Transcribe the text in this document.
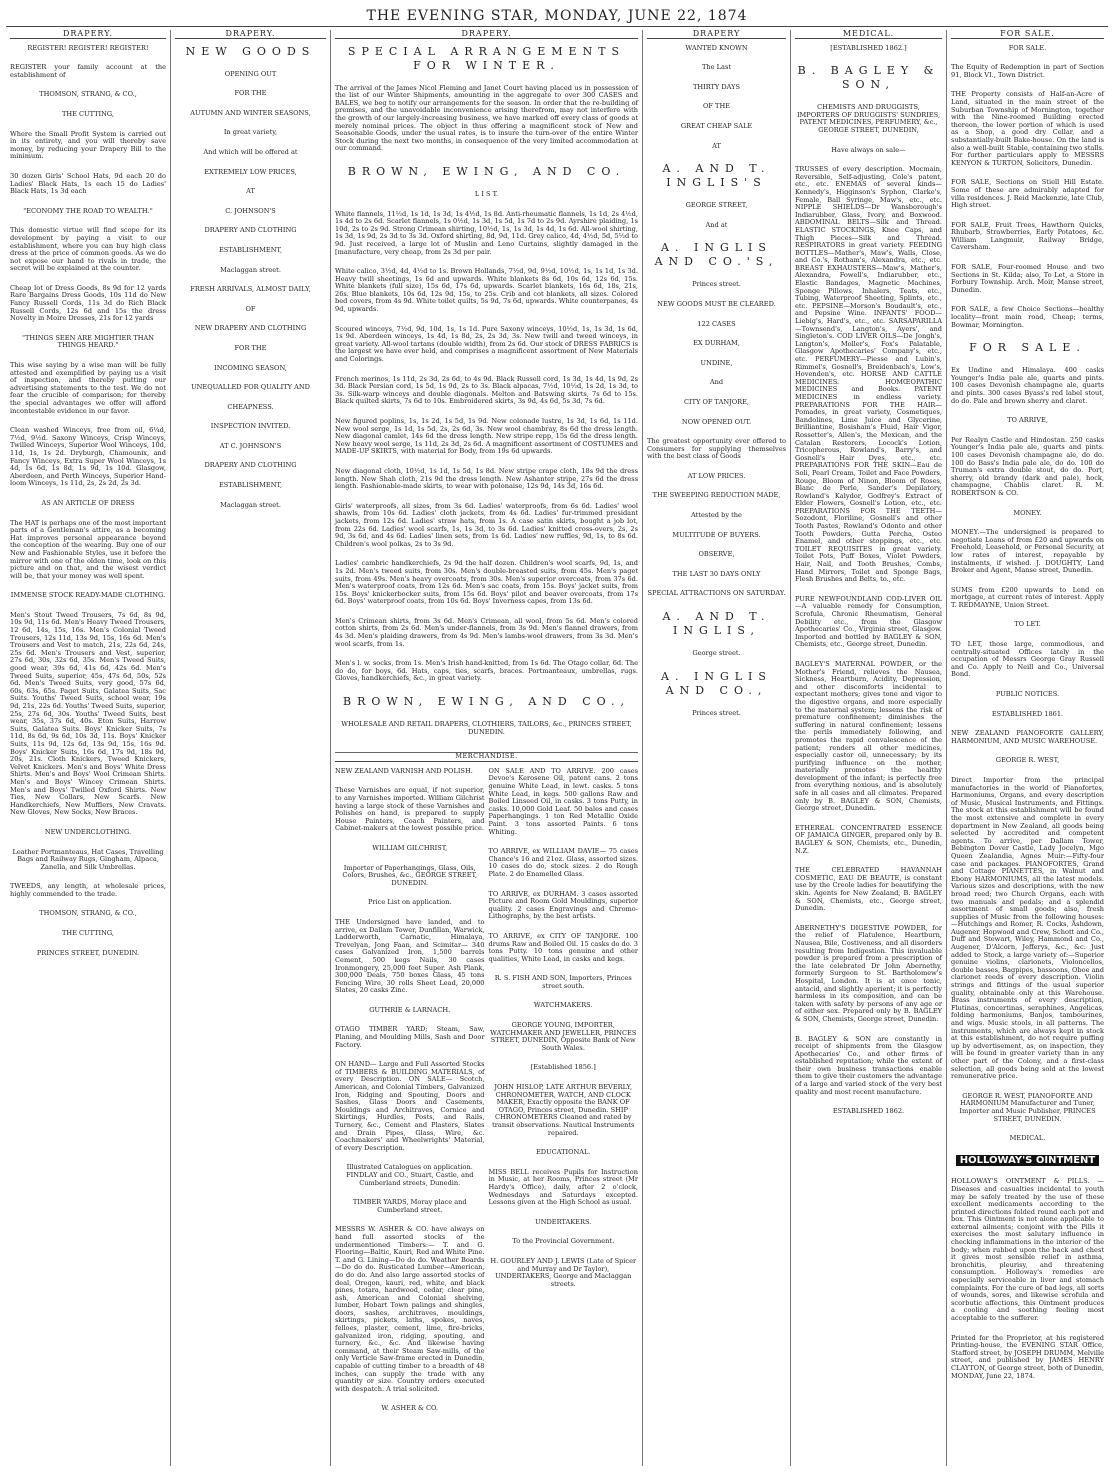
THE EVENING STAR, MONDAY, JUNE 22, 1874
DRAPERY.

REGISTER! REGISTER! REGISTER!

REGISTER your family account at the establishment of

THOMSON, STRANG, & CO.,

THE CUTTING,

Where the Small Profit System is carried out in its entirety, and you will thereby save money, by reducing your Drapery Bill to the minimum.

30 dozen Girls' School Hats, 9d each 20 do Ladies' Black Hats, 1s each 15 do Ladies' Black Hats, 1s 3d each

"ECONOMY THE ROAD TO WEALTH."

This domestic virtue will find scope for its development by paying a visit to our establishment, where you can buy high class dress at the price of common goods. As we do not expose our hand to rivals in trade, the secret will be explained at the counter.

Cheap lot of Dress Goods, 8s 9d for 12 yards Rare Bargains Dress Goods, 10s 11d do New Fancy Russell Cords, 11s 3d do Rich Black Russell Cords, 12s 6d and 15s the dress Novelty in Moire Dresses, 21s for 12 yards

"THINGS SEEN ARE MIGHTIER THAN THINGS HEARD."

This wise saying by a wise man will be fully attested and exemplified by paying us a visit of inspection, and thereby putting our advertising statements to the test. We do not fear the crucible of comparison; for thereby the special advantages we offer will afford incontestable evidence in our favor.

Clean washed Winceys, free from oil, 6¼d, 7½d, 9½d. Saxony Winceys, Crisp Winceys, Twilled Winceys, Superior Wool Winceys, 10d, 11d, 1s, 1s 2d. Dryburgh, Chamounix, and Fancy Winceys, Extra Super Wool Winceys, 1s 4d, 1s 6d, 1s 8d, 1s 9d, 1s 10d. Glasgow, Aberdeen, and Perth Winceys, Superior Hand-loom Winceys, 1s 11d, 2s, 2s 2d, 2s 3d.

AS AN ARTICLE OF DRESS

The HAT is perhaps one of the most important parts of a Gentleman's attire, as a becoming Hat improves personal appearance beyond the conception of the wearing. Buy one of our New and Fashionable Styles, use it before the mirror with one of the olden time, look on this picture and on that, and the wisest verdict will be, that your money was well spent.

IMMENSE STOCK READY-MADE CLOTHING.

Men's Stout Tweed Trousers, 7s 6d, 8s 9d, 10s 9d, 11s 6d. Men's Heavy Tweed Trousers, 12 6d, 14s, 15s, 16s. Men's Colonial Tweed Trousers, 12s 11d, 13s 9d, 15s, 16s 6d. Men's Trousers and Vest to match, 21s, 22s 6d, 24s, 25s 6d. Men's Trousers and Vest, superior, 27s 6d, 30s, 32s 6d, 35s. Men's Tweed Suits, good wear, 39s 6d, 41s 6d, 42s 6d. Men's Tweed Suits, superior, 45s, 47s 6d, 50s, 52s 6d. Men's Tweed Suits, very good, 57s 6d, 60s, 63s, 65s. Paget Suits, Galatea Suits, Sac Suits. Youths' Tweed Suits, school wear, 19s 9d, 21s, 22s 6d. Youths' Tweed Suits, superior, 25s, 27s 6d, 30s. Youths' Tweed Suits, best wear, 35s, 37s 6d, 40s. Eton Suits, Harrow Suits, Galatea Suits. Boys' Knicker Suits, 7s 11d, 8s 6d, 9s 6d, 10s 3d, 11s. Boys' Knicker Suits, 11s 9d, 12s 6d, 13s 9d, 15s, 16s 9d. Boys' Knicker Suits, 16s 6d, 17s 9d, 18s 9d, 20s, 21s. Cloth Knickers, Tweed Knickers, Velvet Knickers. Men's and Boys' White Dress Shirts. Men's and Boys' Wool Crimean Shirts. Men's and Boys' Wincey Crimean Shirts. Men's and Boys' Twilled Oxford Shirts. New Ties, New Collars, New Scarfs. New Handkerchiefs, New Mufflers, New Cravats. New Gloves, New Socks, New Braces.

NEW UNDERCLOTHING.

Leather Portmanteaus, Hat Cases, Travelling Bags and Railway Rugs, Gingham, Alpaca, Zanella, and Silk Umbrellas.

TWEEDS, any length, at wholesale prices, highly commended to the trade.

THOMSON, STRANG, & CO.,

THE CUTTING,

PRINCES STREET, DUNEDIN.

DRAPERY.

NEW GOODS

OPENING OUT

FOR THE

AUTUMN AND WINTER SEASONS,

In great variety,

And which will be offered at

EXTREMELY LOW PRICES,

AT

C. JOHNSON'S

DRAPERY AND CLOTHING

ESTABLISHMENT,

Maclaggan street.

FRESH ARRIVALS, ALMOST DAILY,

OF

NEW DRAPERY AND CLOTHING

FOR THE

INCOMING SEASON,

UNEQUALLED FOR QUALITY AND

CHEAPNESS.

INSPECTION INVITED.

AT C. JOHNSON'S

DRAPERY AND CLOTHING

ESTABLISHMENT,

Maclaggan street.

DRAPERY.

SPECIAL ARRANGEMENTS FOR WINTER.

The arrival of the James Nicol Fleming and Janet Court having placed us in possession of the list of our Winter Shipments, amounting in the aggregate to over 300 CASES and BALES, we beg to notify our arrangements for the season. In order that the re-building of premises, and the unavoidable inconvenience arising therefrom, may not interfere with the growth of our largely-increasing business, we have marked off every class of goods at merely nominal prices. The object in thus offering a magnificent stock of New and Seasonable Goods, under the usual rates, is to insure the turn-over of the entire Winter Stock during the next two months, in consequence of the very limited accommodation at our command.

BROWN, EWING, AND CO.

L I S T.

White flannels, 11½d, 1s 1d, 1s 3d, 1s 4½d, 1s 8d. Anti-rheumatic flannels, 1s 1d, 2s 4½d, 1s 4d to 2s 6d. Scarlet flannels, 1s 0½d, 1s 3d, 1s 5d, 1s 7d to 2s 9d. Ayrshire plaiding, 1s 10d, 2s to 2s 9d. Strong Crimean shirting, 10½d, 1s, 1s 3d, 1s 4d, 1s 6d. All-wool shirting, 1s 3d, 1s 9d, 2s 3d to 3s 3d. Oxford shirting, 8d, 9d, 11d. Grey calico, 4d, 4½d, 5d, 5½d to 9d. Just received, a large lot of Muslin and Leno Curtains, slightly damaged in the [manufacture, very cheap, from 2s 3d per pair.

White calico, 3½d, 4d, 4½d to 1s. Brown Hollands, 7½d, 9d, 9½d, 10½d, 1s, 1s 1d, 1s 3d. Heavy twill sheetings, 1s 6d and upwards. White blankets 8s 6d, 10s 6d, 12s 6d, 15s. White blankets (full size), 15s 6d, 17s 6d, upwards. Scarlet blankets, 16s 6d, 18s, 21s, 26s. Blue blankets, 10s 6d, 12s 9d, 15s, to 25s. Crib and cot blankets, all sizes. Colored bed covers, from 4s 9d. White toilet quilts, 5s 9d, 7s 6d, upwards. White counterpanes, 4s 9d, upwards.

Scoured winceys, 7½d, 9d, 10d, 1s, 1s 1d. Pure Saxony winceys, 10½d, 1s, 1s 3d, 1s 6d, 1s 9d. Aberdeen winceys, 1s 4d, 1s 8d, 2s, 2s 3d, 3s. New twill and tweed winceys, in great variety. All-wool tartans (double width), from 2s 6d. Our stock of DRESS FABRICS is the largest we have ever held, and comprises a magnificent assortment of New Materials and Colorings.

French merinos, 1s 11d, 2s 3d, 2s 6d, to 4s 9d. Black Russell cord, 1s 3d, 1s 4d, 1s 9d, 2s 3d. Black Persian cord, 1s 5d, 1s 9d, 2s to 3s. Black alpacas, 7½d, 10½d, 1s 2d, 1s 3d, to 3s. Silk-warp winceys and double diagonals. Melton and Batswing skirts, 7s 6d to 15s. Black quilted skirts, 7s 6d to 10s. Embroidered skirts, 3s 9d, 4s 6d, 5s 3d, 7s 6d.

New figured poplins, 1s, 1s 2d, 1s 5d, 1s 9d. New colonade lustre, 1s 3d, 1s 6d, 1s 11d. New wool serge, 1s 1d, 1s 5d, 2s, 2s 6d, 3s. New wool chambray, 8s 6d the dress length. New diagonal camlet, 14s 6d the dress length. New stripe repp, 15s 6d the dress length. New heavy wool serge, 1s 11d, 2s 3d, 2s 6d. A magnificent assortment of COSTUMES and MADE-UP SKIRTS, with material for Body, from 19s 6d upwards.

New diagonal cloth, 10½d, 1s 1d, 1s 5d, 1s 8d. New stripe crape cloth, 18s 9d the dress length. New Shah cloth, 21s 9d the dress length. New Ashanter stripe, 27s 6d the dress length. Fashionable-made skirts, to wear with polonaise, 12s 9d, 14s 3d, 16s 6d.

Girls' waterproofs, all sizes, from 3s 6d. Ladies' waterproofs, from 6s 6d. Ladies' wool shawls, from 10s 6d. Ladies' cloth jackets, from 4s 6d. Ladies' fur-trimmed presidant jackets, from 12s 6d. Ladies' straw hats, from 1s. A case satin skirts, bought a job lot, from 22s 6d. Ladies' wool scarfs, 1s, 1s 3d, to 3s 6d. Ladies' knitted cross-overs, 2s, 2s 9d, 3s 6d, and 4s 6d. Ladies' linen sets, from 1s 6d. Ladies' new ruffles, 9d, 1s, to 8s 6d. Children's wool polkas, 2s to 3s 9d.

Ladies' cambric handkerchiefs, 2s 9d the half dozen. Children's wool scarfs, 9d, 1s, and 1s 2d. Men's tweed suits, from 30s. Men's double-breasted suits, from 45s. Men's paget suits, from 49s. Men's heavy overcoats, from 30s. Men's superior overcoats, from 37s 6d. Men's waterproof coats, from 12s 6d. Men's sac coats, from 15s. Boys' jacket suits, from 15s. Boys' knickerbocker suits, from 15s 6d. Boys' pilot and beaver overcoats, from 17s 6d. Boys' waterproof coats, from 10s 6d. Boys' Inverness capes, from 13s 6d.

Men's Crimean shirts, from 3s 6d. Men's Crimean, all wool, from 5s 6d. Men's colored cotton shirts, from 2s 6d. Men's under-flannels, from 3s 9d. Men's flannel drawers, from 4s 3d. Men's plaiding drawers, from 4s 9d. Men's lambs-wool drawers, from 3s 3d. Men's wool scarfs, from 1s.

Men's l. w. socks, from 1s. Men's Irish hand-knitted, from 1s 6d. The Otago collar, 6d. The do do, for boys, 6d. Hats, caps, ties, scarfs, braces. Portmanteaux, umbrellas, rugs. Gloves, handkerchiefs, &c., in great variety.

BROWN, EWING, AND CO.,

WHOLESALE AND RETAIL DRAPERS, CLOTHIERS, TAILORS, &c., PRINCES STREET, DUNEDIN.

MERCHANDISE.

NEW ZEALAND VARNISH AND POLISH.

These Varnishes are equal, if not superior, to any Varnishes imported. William Gilchrist having a large stock of these Varnishes and Polishes on hand, is prepared to supply House Painters, Coach Painters, and Cabinet-makers at the lowest possible price.

WILLIAM GILCHRIST,

Importer of Paperhangings, Glass, Oils, Colors, Brushes, &c., GEORGE STREET, DUNEDIN.

Price List on application.

THE Undersigned have landed, and to arrive, ex Dallam Tower, Dunfillan, Warwick, Ladderworth, Carnatic, Himalaya, Trevelyan, Jong Faan, and Scimitar— 340 cases Galvanized Iron, 1,500 barrels Cement, 500 kegs Nails, 30 cases Ironmongery, 25,000 feet Super. Ash Plank, 300,000 Deals, 750 boxes Glass, 45 tons Fencing Wire, 30 rolls Sheet Lead, 20,000 Slates, 20 casks Zinc.

GUTHRIE & LARNACH.

OTAGO TIMBER YARD; Steam, Saw, Planing, and Moulding Mills, Sash and Door Factory.

ON HAND— Large and Full Assorted Stocks of TIMBERS & BUILDING MATERIALS, of every Description. ON SALE— Scotch, American, and Colonial Timbers, Galvanized Iron, Ridging and Spouting, Doors and Sashes, Glass Doors and Casements, Mouldings and Architraves, Cornice and Skirtings, Hurdles, Posts, and Rails, Turnery, &c., Cement and Plasters, Slates and Drain Pipes, Glass, Wire, &c. Coachmakers' and Wheelwrights' Material, of every Description.

Illustrated Catalogues on application. FINDLAY and CO., Stuart, Castle, and Cumberland streets, Dunedin.

TIMBER YARDS, Moray place and Cumberland street.

MESSRS W. ASHER & CO. have always on hand full assorted stocks of the undermentioned Timbers:— T. and G. Flooring—Baltic, Kauri, Red and White Pine. T. and G. Lining—Do do do. Weather Boards—Do do do. Rusticated Lumber—American, do do do. And also large assorted stocks of deal, Oregon, kauri, red, white, and black pines, totara, hardwood, cedar, clear pine, ash, American and Colonial shelving, lumber, Hobart Town palings and shingles, doors, sashes, architraves, mouldings, skirtings, pickets, laths, spokes, naves, felloes, plaster, cement, lime, fire-bricks, galvanized iron, ridging, spouting, and turnery, &c., &c. And likewise having command, at their Steam Saw-mills, of the only Verticle Saw-frame erected in Dunedin, capable of cutting timber to a breadth of 48 inches, can supply the trade with any quantity or size. Country orders executed with despatch. A trial solicited.

W. ASHER & CO.

ON SALE AND TO ARRIVE. 200 cases Devoe's Kerosene Oil, patent cans. 2 tons genuine White Lead, in lewt. casks. 5 tons White Lead, in kegs. 500 gallons Raw and Boiled Linseed Oil, in casks. 3 tons Putty, in casks. 10,000 Gold Leaf. 50 bales and cases Paperhangings. 1 ton Red Metallic Oxide Paint. 3 tons assorted Paints. 6 tons Whiting.

TO ARRIVE, ex WILLIAM DAVIE— 75 cases Chance's 16 and 21oz. Glass, assorted sizes. 10 cases do do, stock sizes. 2 do Rough Plate. 2 do Enamelled Glass.

TO ARRIVE, ex DURHAM. 3 cases assorted Picture and Room Gold Mouldings, superior quality. 2 cases Engravings and Chromo-Lithographs, by the best artists.

TO ARRIVE, ex CITY OF TANJORE. 100 drums Raw and Boiled Oil. 15 casks do do. 3 tons Putty. 10 tons genuine and other qualities, White Lead, in casks and kegs.

R. S. FISH AND SON, Importers, Princes street south.

WATCHMAKERS.

GEORGE YOUNG, IMPORTER, WATCHMAKER AND JEWELLER, PRINCES STREET, DUNEDIN, Opposite Bank of New South Wales.

[Established 1856.]

JOHN HISLOP, LATE ARTHUR BEVERLY, CHRONOMETER, WATCH, AND CLOCK MAKER, Exactly opposite the BANK OF OTAGO, Princes street, Dunedin. SHIP CHRONOMETERS Cleaned and rated by transit observations. Nautical Instruments repaired.

EDUCATIONAL.

MISS BELL receives Pupils for Instruction in Music, at her Rooms, Princes street (Mr Hardy's Office), daily, after 2 o'clock, Wednesdays and Saturdays excepted. Lessons given at the High School as usual.

UNDERTAKERS.

To the Provincial Government.

H. GOURLEY AND J. LEWIS (Late of Spicer and Murray and Dr Taylor), UNDERTAKERS, George and Maclaggan streets.

DRAPERY

WANTED KNOWN

The Last

THIRTY DAYS

OF THE

GREAT CHEAP SALE

AT

A. AND T. INGLIS'S

GEORGE STREET,

And at

A. INGLIS AND CO.'S,

Princes street.

NEW GOODS MUST BE CLEARED.

122 CASES

EX DURHAM,

UNDINE,

And

CITY OF TANJORE,

NOW OPENED OUT.

The greatest opportunity ever offered to Consumers for supplying themselves with the best class of Goods

AT LOW PRICES.

THE SWEEPING REDUCTION MADE,

Attested by the

MULTITUDE OF BUYERS.

OBSERVE,

THE LAST 30 DAYS ONLY

SPECIAL ATTRACTIONS ON SATURDAY.

A. AND T. INGLIS,

George street.

A. INGLIS AND CO.,

Princes street.

MEDICAL.

[ESTABLISHED 1862.]

B. BAGLEY & SON,

CHEMISTS AND DRUGGISTS, IMPORTERS OF DRUGGISTS' SUNDRIES, PATENT MEDICINES, PERFUMERY, &c., GEORGE STREET, DUNEDIN,

Have always on sale—

TRUSSES of every description. Mocmain, Reversible, Self-adjusting, Cole's patent, etc., etc. ENEMAS of several kinds—Kennedy's, Higginson's Syphon, Clarke's, Female, Ball Syringe, Maw's, etc., etc. NIPPLE SHIELDS—Dr Wansborough's Indiarubber, Glass, Ivory, and Boxwood. ABDOMINAL BELTS—Silk and Thread. ELASTIC STOCKINGS, Knee Caps, and Thigh Pieces—Silk and Thread. RESPIRATORS in great variety. FEEDING BOTTLES—Mather's, Maw's, Walls, Close, and Co.'s, Rotham's, Alexandra, etc., etc. BREAST EXHAUSTERS—Maw's, Mather's, Alexandra, Fowell's, Indiarubber, etc., Elastic Bandages, Magnetic Machines, Sponge Pillows, Inhalers, Teats, etc., Tubing, Waterproof Sheeting, Splints, etc., etc. PEPSINE—Morson's Boudault's, etc., and Pepsine Wine. INFANTS' FOOD—Liebig's, Hard's, etc., etc. SARSAPARILLA—Townsend's, Langton's, Ayers', and Singleton's. COD LIVER OILS—De Jongh's, Langton's, Moller's, Fox's Palatable, Glasgow Apothecaries' Company's, etc., etc. PERFUMERY—Piesse and Lubin's, Rimmel's, Gosnell's, Breidenbach's, Low's, Hovenden's, etc. HORSE AND CATTLE MEDICINES. HOMŒOPATHIC MEDICINES and Books. PATENT MEDICINES in endless variety. PREPARATIONS FOR THE HAIR—Pomades, in great variety, Cosmetiques, Bandolines, Lime Juice and Glycerine, Brilliantine, Bosisham's Fluid, Hair Vigor, Rossetter's, Allen's, the Mexican, and the Catalan Restorers, Locock's Lotion, Tricopherous, Rowland's, Barry's, and Gosnell's Hair Dyes, etc., etc. PREPARATIONS FOR THE SKIN—Eau de Soli, Pearl Cream, Toilet and Face Powders, Rouge, Bloom of Ninon, Bloom of Roses, Blanc de Perle, Sander's Depilatory, Rowland's Kalydor, Godfrey's Extract of Elder Flowers, Gosnell's Lotion, etc., etc. PREPARATIONS FOR THE TEETH—Sozodont, Floriline, Gosnell's and other Tooth Pastes, Rowland's Odonto and other Tooth Powders, Gutta Percha, Osteo Enamel, and other stoppings, etc., etc. TOILET REQUISITES in great variety. Toilet Pots, Puff Boxes, Violet Powders, Hair, Nail, and Tooth Brushes, Combs, Hand Mirrors, Toilet and Sponge Bags, Flesh Brushes and Belts, to., etc.

PURE NEWFOUNDLAND COD-LIVER OIL—A valuable remedy for Consumption, Scrofula, Chronic Rheumatism, General Debility etc., from the Glasgow Apothecaries' Co., Virginia street, Glasgow. Imported and bottled by BAGLEY & SON, Chemists, etc., George street, Dunedin.

BAGLEY'S MATERNAL POWDER, or the Mother's Friend, relieves the Nausea, Sickness, Heartburn, Acidity, Depression, and other discomforts incidental to expectant mothers; gives tone and vigor to the digestive organs, and more especially to the maternal system; lessens the risk of premature confinement; diminishes the suffering in natural confinement; lessens the perils immediately following, and promotes the rapid convalescence of the patient; renders all other medicines, especially castor oil, unnecessary; by its purifying influence on the mother, materially promotes the healthy development of the infant; is perfectly free from everything noxious, and is absolutely safe in all cases and all climates. Prepared only by B. BAGLEY & SON, Chemists, George street, Dunedin.

ETHEREAL CONCENTRATED ESSENCE OF JAMAICA GINGER, prepared only by B. BAGLEY & SON, Chemists, etc., Dunedin, N.Z.

THE CELEBRATED HAVANNAH COSMETIC, EAU DE BEAUTE, is constant use by the Creole ladies for beautifying the skin. Agents for New Zealand, B. BAGLEY & SON, Chemists, etc., George street, Dunedin.

ABERNETHY'S DIGESTIVE POWDER, for the relief of Flatulence, Heartburn, Nausea, Bile, Costiveness, and all disorders resulting from Indigestion. This invaluable powder is prepared from a prescription of the late celebrated Dr John Abernethy, formerly Surgeon to St. Bartholomew's Hospital, London. It is at once tonic, antacid, and slightly aperient; it is perfectly harmless in its composition, and can be taken with safety by persons of any age or of either sex. Prepared only by B. BAGLEY & SON, Chemists, George street, Dunedin.

B. BAGLEY & SON are constantly in receipt of shipments from the Glasgow Apothecaries' Co., and other firms of established reputation; while the extent of their own business transactions enable them to give their customers the advantage of a large and varied stock of the very best quality and most recent manufacture.

ESTABLISHED 1862.

FOR SALE.

FOR SALE.

The Equity of Redemption in part of Section 91, Block VI., Town District.

THE Property consists of Half-an-Acre of Land, situated in the main street of the Suburban Township of Mornington, together with the Nine-roomed Building erected thereon, the lower portion of which is used as a Shop, a good dry Cellar, and a substantially-built Bake-house. On the land is also a well-built Stable, containing two stalls. For further particulars apply to MESSRS KENYON & TURTON, Solicitors, Dunedin.

FOR SALE, Sections on Stiell Hill Estate. Some of these are admirably adapted for villa residences. J. Reid Mackenzie, late Club, High street.

FOR SALE, Fruit Trees, Hawthorn Quicks, Rhubarb, Strawberries, Early Potatoes, &c. William Langmuir, Railway Bridge, Caversham.

FOR SALE, Four-roomed House and two Sections in St. Kilda; also, To Let, a Store in Forbury Township. Arch. Moir, Manse street, Dunedin.

FOR SALE, a few Choice Sections—healthy locality—front main road, Cheap; terms, Bowmar, Mornington.

FOR SALE.

Ex Undine and Himalaya. 400 casks Younger's India pale ale, quarts and pints. 100 cases Devonish champagne ale, quarts and pints. 300 cases Byass's red label stout, do do. Pale and brown sherry and claret.

TO ARRIVE,

Per Realyn Castle and Hindostan. 250 casks Younger's India pale ale, quarts and pints. 100 cases Devonish champagne ale, do do. 100 do Bass's India pale ale, do do. 100 do Truman's extra double stout, do do. Port, sherry, old brandy (dark and pale), hock, champagne, Chablis claret. R. M. ROBERTSON & CO.

MONEY.

MONEY.—The undersigned is prepared to negotiate Loans of from £20 and upwards on Freehold, Leasehold, or Personal Security, at low rates of interest, repayable by instalments, if wished. J. DOUGHTY, Land Broker and Agent, Manse street, Dunedin.

SUMS from £200 upwards to Lend on mortgage, at current rates of interest. Apply T. REDMAYNE, Union Street.

TO LET.

TO LET, those large, commodious, and centrally-situated Offices lately in the occupation of Messrs George Gray Russell and Co. Apply to Neill and Co., Universal Bond.

PUBLIC NOTICES.

ESTABLISHED 1861.

NEW ZEALAND PIANOFORTE GALLERY, HARMONIUM, AND MUSIC WAREHOUSE.

GEORGE R. WEST,

Direct Importer from the principal manufactories in the world of Pianofortes, Harmoniums, Organs, and every description of Music, Musical Instruments, and Fittings. The stock at this establishment will be found the most extensive and complete in every department in New Zealand, all goods being selected by accredited and competent agents. To arrive, per Dallam Tower, Bebington Dover Castle, Lady Jocelyn, Mgo Queen Zealandia, Agnes Muir:—Fifty-four case and packages. PIANOFORTES, Grand and Cottage PIANETTES, in Walnut and Ebony HARMONIUMS, all the latest models. Various sizes and descriptions, with the new broad reed; two Church Organs, each with two manuals and pedals; and a splendid assortment of small goods; also, fresh supplies of Music from the following houses:—Hutchings and Romer, R. Cocks, Ashdown, Augener, Hopwood and Crew, Schott and Co., Duff and Stewart, Wiley, Hammond and Co., Augener, D'Alcorn, Jefferys, &c., &c. Just added to Stock, a large variety of:—Superior genuine violins, clarionets, Violoncellos, double basses, Bagpipes, bassoons, Oboe and clarionet reeds of every description. Violin strings and fittings of the usual superior quality, obtainable only at this Warehouse. Brass instruments of every description, Flutinas, concertinas, seraphines, Angelicas, folding harmoniums, Banjos, tambourines, and wigs. Music stools, in all patterns. The instruments, which are always kept in stock at this establishment, do not require puffing up by advertisement, as, on inspection, they will be found in greater variety than in any other part of the Colony, and a first-class selection, all goods being sold at the lowest remunerative price.

GEORGE R. WEST, PIANOFORTE AND HARMONIUM Manufacturer and Tuner, Importer and Music Publisher, PRINCES STREET, DUNEDIN.

MEDICAL.

HOLLOWAY'S OINTMENT

HOLLOWAY'S OINTMENT & PILLS. —Diseases and casualties incidental to youth may be safely treated by the use of these excellent medicaments according to the printed directions folded round each pot and box. This Ointment is not alone applicable to external ailments; conjoint with the Pills it exercises the most salutary influence in checking inflammations in the interior of the body; when rubbed upon the back and chest it gives most sensible relief in asthma, bronchitis, pleurisy, and threatening consumption. Holloway's remedies are especially serviceable in liver and stomach complaints. For the cure of bad legs, all sorts of wounds, sores, and likewise scrofula and scorbutic affections, this Ointment produces a cooling and soothing feeling most acceptable to the sufferer.

Printed for the Proprietor, at his registered Printing-house, the EVENING STAR Office, Stafford street, by JOSEPH DRUMM, Melville street, and published by JAMES HENRY CLAYTON, of George street, both of Dunedin, MONDAY, June 22, 1874.
